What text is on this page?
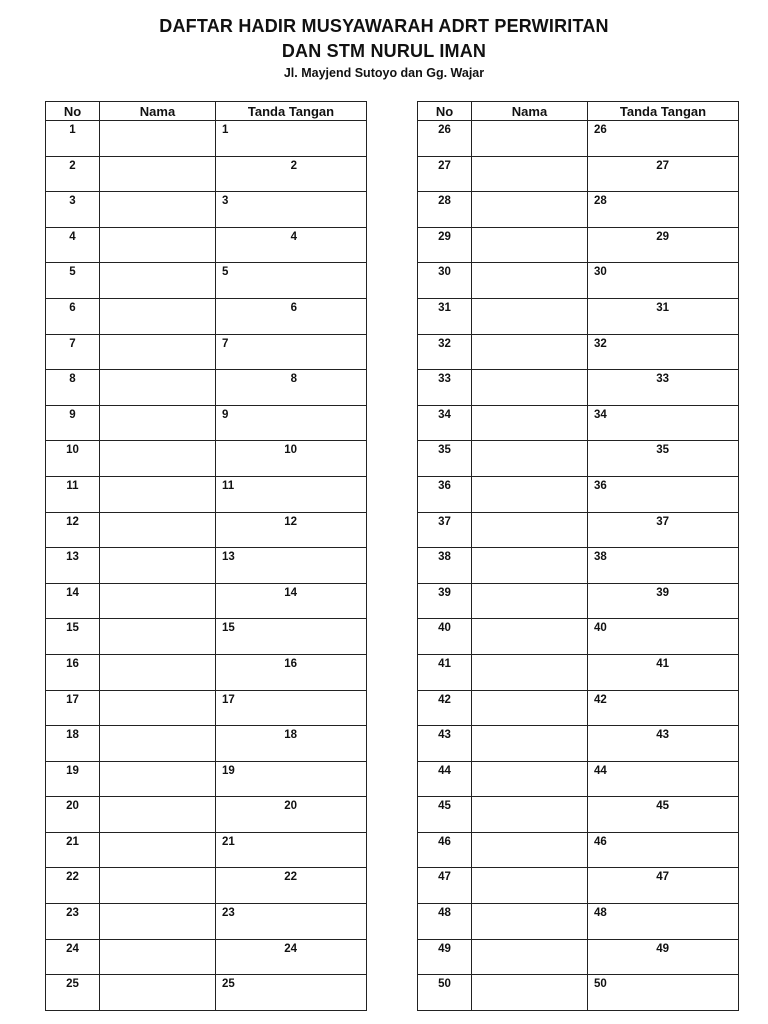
DAFTAR HADIR MUSYAWARAH ADRT PERWIRITAN
DAN STM NURUL IMAN
Jl. Mayjend Sutoyo dan Gg. Wajar
No	Nama	Tanda Tangan
1		1
2		2
3		3
4		4
5		5
6		6
7		7
8		8
9		9
10		10
11		11
12		12
13		13
14		14
15		15
16		16
17		17
18		18
19		19
20		20
21		21
22		22
23		23
24		24
25		25
No	Nama	Tanda Tangan
26		26
27		27
28		28
29		29
30		30
31		31
32		32
33		33
34		34
35		35
36		36
37		37
38		38
39		39
40		40
41		41
42		42
43		43
44		44
45		45
46		46
47		47
48		48
49		49
50		50
